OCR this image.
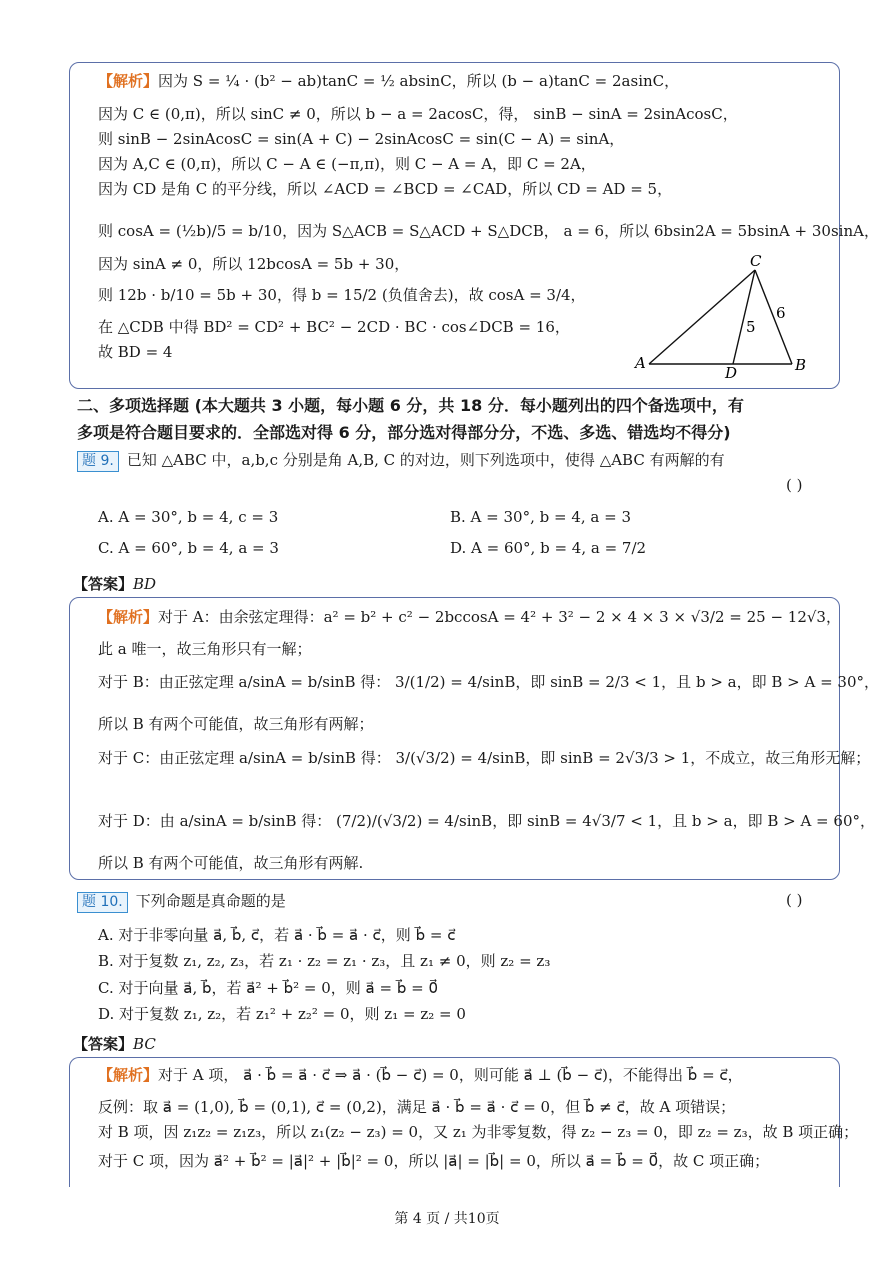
【解析】因为 S = ¼ · (b² − ab)tanC = ½ absinC，所以 (b − a)tanC = 2asinC，
因为 C ∈ (0,π)，所以 sinC ≠ 0，所以 b − a = 2acosC，得， sinB − sinA = 2sinAcosC，
则 sinB − 2sinAcosC = sin(A + C) − 2sinAcosC = sin(C − A) = sinA，
因为 A,C ∈ (0,π)，所以 C − A ∈ (−π,π)，则 C − A = A，即 C = 2A，
因为 CD 是角 C 的平分线，所以 ∠ACD = ∠BCD = ∠CAD，所以 CD = AD = 5，
则 cosA = (½b)/5 = b/10，因为 S△ACB = S△ACD + S△DCB， a = 6，所以 6bsin2A = 5bsinA + 30sinA，
因为 sinA ≠ 0，所以 12bcosA = 5b + 30，
则 12b · b/10 = 5b + 30，得 b = 15/2 (负值舍去)，故 cosA = 3/4，
在 △CDB 中得 BD² = CD² + BC² − 2CD · BC · cos∠DCB = 16，
故 BD = 4
C
A
D	B
5
6
二、多项选择题 (本大题共 3 小题，每小题 6 分，共 18 分．每小题列出的四个备选项中，有
多项是符合题目要求的．全部选对得 6 分，部分选对得部分分，不选、多选、错选均不得分)
题 9. 已知 △ABC 中，a,b,c 分别是角 A,B, C 的对边，则下列选项中，使得 △ABC 有两解的有
( )
A. A = 30°, b = 4, c = 3	B. A = 30°, b = 4, a = 3
C. A = 60°, b = 4, a = 3	D. A = 60°, b = 4, a = 7/2
【答案】BD
【解析】对于 A：由余弦定理得：a² = b² + c² − 2bccosA = 4² + 3² − 2 × 4 × 3 × √3/2 = 25 − 12√3，
此 a 唯一，故三角形只有一解；
对于 B：由正弦定理 a/sinA = b/sinB 得： 3/(1/2) = 4/sinB，即 sinB = 2/3 < 1，且 b > a，即 B > A = 30°，
所以 B 有两个可能值，故三角形有两解；
对于 C：由正弦定理 a/sinA = b/sinB 得： 3/(√3/2) = 4/sinB，即 sinB = 2√3/3 > 1，不成立，故三角形无解；
对于 D：由 a/sinA = b/sinB 得： (7/2)/(√3/2) = 4/sinB，即 sinB = 4√3/7 < 1，且 b > a，即 B > A = 60°，
所以 B 有两个可能值，故三角形有两解.
题 10. 下列命题是真命题的是	( )
A. 对于非零向量 a⃗, b⃗, c⃗，若 a⃗ · b⃗ = a⃗ · c⃗，则 b⃗ = c⃗
B. 对于复数 z₁, z₂, z₃，若 z₁ · z₂ = z₁ · z₃，且 z₁ ≠ 0，则 z₂ = z₃
C. 对于向量 a⃗, b⃗，若 a⃗² + b⃗² = 0，则 a⃗ = b⃗ = 0⃗
D. 对于复数 z₁, z₂，若 z₁² + z₂² = 0，则 z₁ = z₂ = 0
【答案】BC
【解析】对于 A 项， a⃗ · b⃗ = a⃗ · c⃗ ⇒ a⃗ · (b⃗ − c⃗) = 0，则可能 a⃗ ⊥ (b⃗ − c⃗)，不能得出 b⃗ = c⃗，
反例：取 a⃗ = (1,0), b⃗ = (0,1), c⃗ = (0,2)，满足 a⃗ · b⃗ = a⃗ · c⃗ = 0，但 b⃗ ≠ c⃗，故 A 项错误；
对 B 项，因 z₁z₂ = z₁z₃，所以 z₁(z₂ − z₃) = 0，又 z₁ 为非零复数，得 z₂ − z₃ = 0，即 z₂ = z₃，故 B 项正确；
对于 C 项，因为 a⃗² + b⃗² = |a⃗|² + |b⃗|² = 0，所以 |a⃗| = |b⃗| = 0，所以 a⃗ = b⃗ = 0⃗，故 C 项正确；
第 4 页 / 共10页
